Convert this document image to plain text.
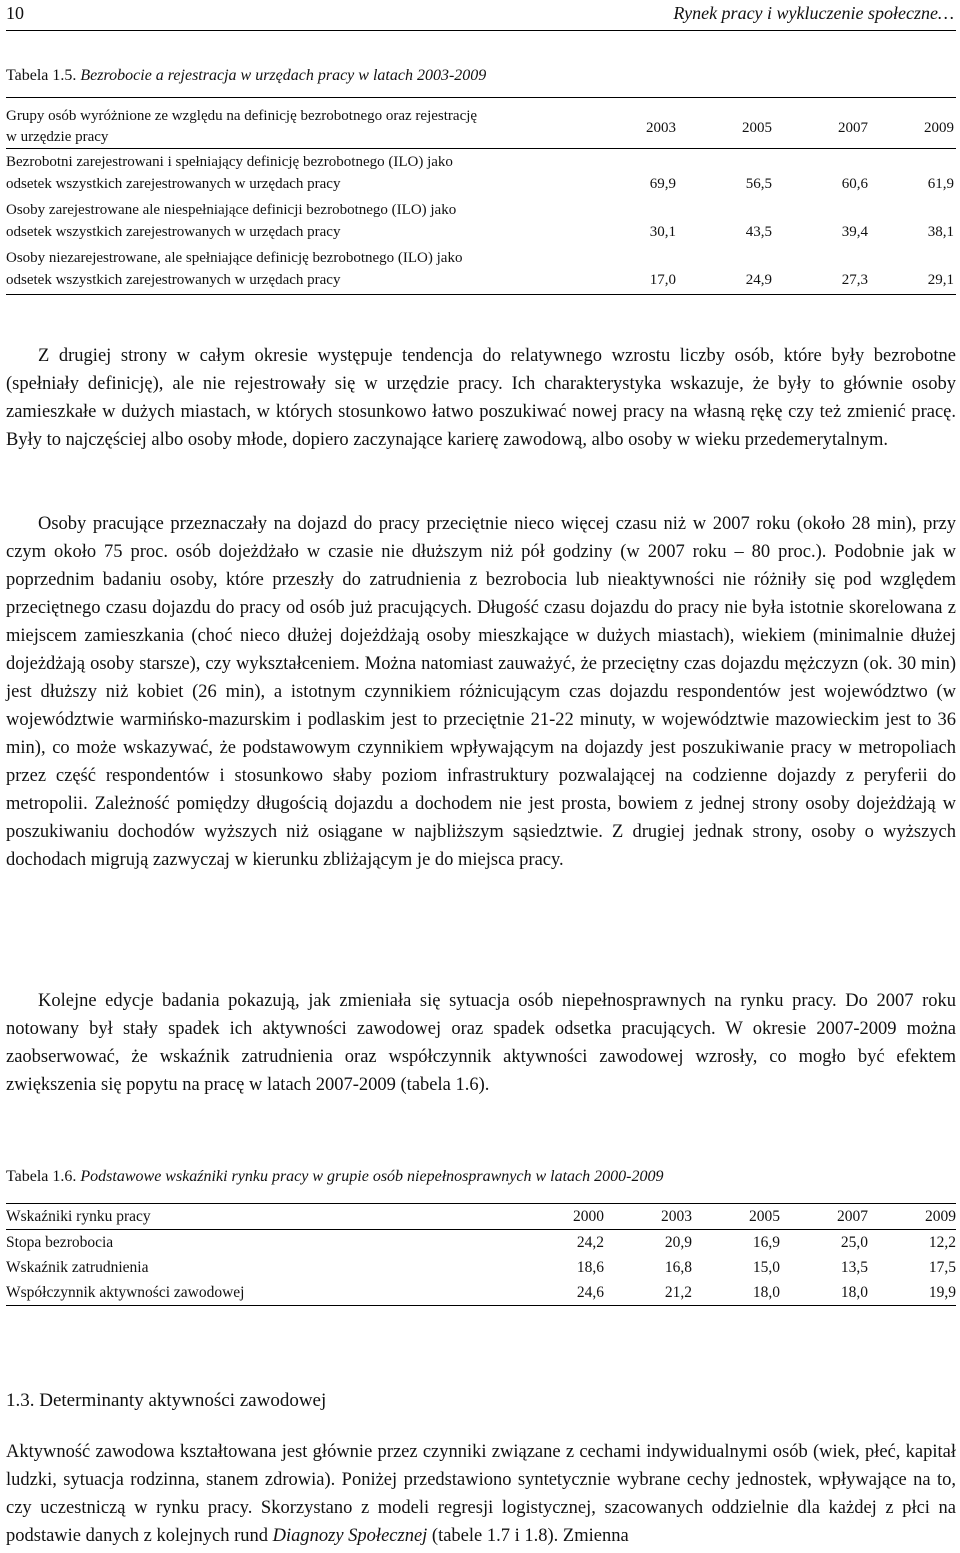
10	Rynek pracy i wykluczenie społeczne…
Tabela 1.5. Bezrobocie a rejestracja w urzędach pracy w latach 2003-2009
Grupy osób wyróżnione ze względu na definicję bezrobotnego oraz rejestrację
w urzędzie pracy
2003	2005	2007	2009
Bezrobotni zarejestrowani i spełniający definicję bezrobotnego (ILO) jako
odsetek wszystkich zarejestrowanych w urzędach pracy	69,9	56,5	60,6	61,9
Osoby zarejestrowane ale niespełniające definicji bezrobotnego (ILO) jako
odsetek wszystkich zarejestrowanych w urzędach pracy	30,1	43,5	39,4	38,1
Osoby niezarejestrowane, ale spełniające definicję bezrobotnego (ILO) jako
odsetek wszystkich zarejestrowanych w urzędach pracy	17,0	24,9	27,3	29,1
Z drugiej strony w całym okresie występuje tendencja do relatywnego wzrostu liczby osób, które były bezrobotne (spełniały definicję), ale nie rejestrowały się w urzędzie pracy. Ich charakterystyka wskazuje, że były to głównie osoby zamieszkałe w dużych miastach, w których stosunkowo łatwo poszukiwać nowej pracy na własną rękę czy też zmienić pracę. Były to najczęściej albo osoby młode, dopiero zaczynające karierę zawodową, albo osoby w wieku przedemerytalnym.
Osoby pracujące przeznaczały na dojazd do pracy przeciętnie nieco więcej czasu niż w 2007 roku (około 28 min), przy czym około 75 proc. osób dojeżdżało w czasie nie dłuższym niż pół godziny (w 2007 roku – 80 proc.). Podobnie jak w poprzednim badaniu osoby, które przeszły do zatrudnienia z bezrobocia lub nieaktywności nie różniły się pod względem przeciętnego czasu dojazdu do pracy od osób już pracujących. Długość czasu dojazdu do pracy nie była istotnie skorelowana z miejscem zamieszkania (choć nieco dłużej dojeżdżają osoby mieszkające w dużych miastach), wiekiem (minimalnie dłużej dojeżdżają osoby starsze), czy wykształceniem. Można natomiast zauważyć, że przeciętny czas dojazdu mężczyzn (ok. 30 min) jest dłuższy niż kobiet (26 min), a istotnym czynnikiem różnicującym czas dojazdu respondentów jest województwo (w województwie warmińsko-mazurskim i podlaskim jest to przeciętnie 21-22 minuty, w województwie mazowieckim jest to 36 min), co może wskazywać, że podstawowym czynnikiem wpływającym na dojazdy jest poszukiwanie pracy w metropoliach przez część respondentów i stosunkowo słaby poziom infrastruktury pozwalającej na codzienne dojazdy z peryferii do metropolii. Zależność pomiędzy długością dojazdu a dochodem nie jest prosta, bowiem z jednej strony osoby dojeżdżają w poszukiwaniu dochodów wyższych niż osiągane w najbliższym sąsiedztwie. Z drugiej jednak strony, osoby o wyższych dochodach migrują zazwyczaj w kierunku zbliżającym je do miejsca pracy.
Kolejne edycje badania pokazują, jak zmieniała się sytuacja osób niepełnosprawnych na rynku pracy. Do 2007 roku notowany był stały spadek ich aktywności zawodowej oraz spadek odsetka pracujących. W okresie 2007-2009 można zaobserwować, że wskaźnik zatrudnienia oraz współczynnik aktywności zawodowej wzrosły, co mogło być efektem zwiększenia się popytu na pracę w latach 2007-2009 (tabela 1.6).
Tabela 1.6. Podstawowe wskaźniki rynku pracy w grupie osób niepełnosprawnych w latach 2000-2009
Wskaźniki rynku pracy	2000	2003	2005	2007	2009
Stopa bezrobocia	24,2	20,9	16,9	25,0	12,2
Wskaźnik zatrudnienia	18,6	16,8	15,0	13,5	17,5
Współczynnik aktywności zawodowej	24,6	21,2	18,0	18,0	19,9
1.3. Determinanty aktywności zawodowej
Aktywność zawodowa kształtowana jest głównie przez czynniki związane z cechami indywidualnymi osób (wiek, płeć, kapitał ludzki, sytuacja rodzinna, stanem zdrowia). Poniżej przedstawiono syntetycznie wybrane cechy jednostek, wpływające na to, czy uczestniczą w rynku pracy. Skorzystano z modeli regresji logistycznej, szacowanych oddzielnie dla każdej z płci na podstawie danych z kolejnych rund Diagnozy Społecznej (tabele 1.7 i 1.8). Zmienna
